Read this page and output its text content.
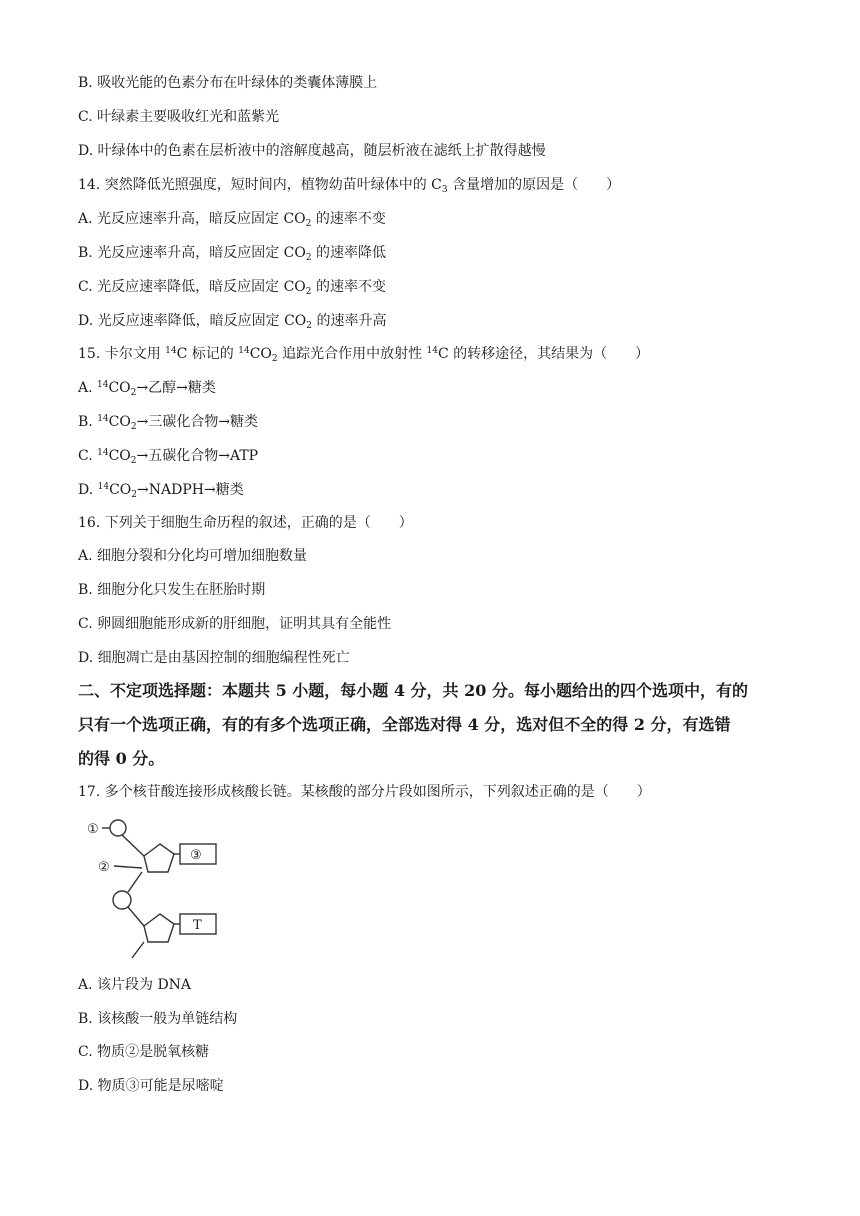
B. 吸收光能的色素分布在叶绿体的类囊体薄膜上
C. 叶绿素主要吸收红光和蓝紫光
D. 叶绿体中的色素在层析液中的溶解度越高，随层析液在滤纸上扩散得越慢
14. 突然降低光照强度，短时间内，植物幼苗叶绿体中的 $C_3$ 含量增加的原因是（　　）
A. 光反应速率升高，暗反应固定 $CO_2$ 的速率不变
B. 光反应速率升高，暗反应固定 $CO_2$ 的速率降低
C. 光反应速率降低，暗反应固定 $CO_2$ 的速率不变
D. 光反应速率降低，暗反应固定 $CO_2$ 的速率升高
15. 卡尔文用 $^{14}$C 标记的 $^{14}CO_2$ 追踪光合作用中放射性 $^{14}$C 的转移途径，其结果为（　　）
A. $^{14}CO_2\to$乙醇→糖类
B. $^{14}CO_2\to$三碳化合物→糖类
C. $^{14}CO_2\to$五碳化合物→ATP
D. $^{14}CO_2\to NADPH\to$糖类
16. 下列关于细胞生命历程的叙述，正确的是（　　）
A. 细胞分裂和分化均可增加细胞数量
B. 细胞分化只发生在胚胎时期
C. 卵圆细胞能形成新的肝细胞，证明其具有全能性
D. 细胞凋亡是由基因控制的细胞编程性死亡
二、不定项选择题：本题共 5 小题，每小题 4 分，共 20 分。每小题给出的四个选项中，有的
只有一个选项正确，有的有多个选项正确，全部选对得 4 分，选对但不全的得 2 分，有选错
的得 0 分。
17. 多个核苷酸连接形成核酸长链。某核酸的部分片段如图所示，下列叙述正确的是（　　）
①
②
③
T
A. 该片段为 DNA
B. 该核酸一般为单链结构
C. 物质②是脱氧核糖
D. 物质③可能是尿嘧啶
